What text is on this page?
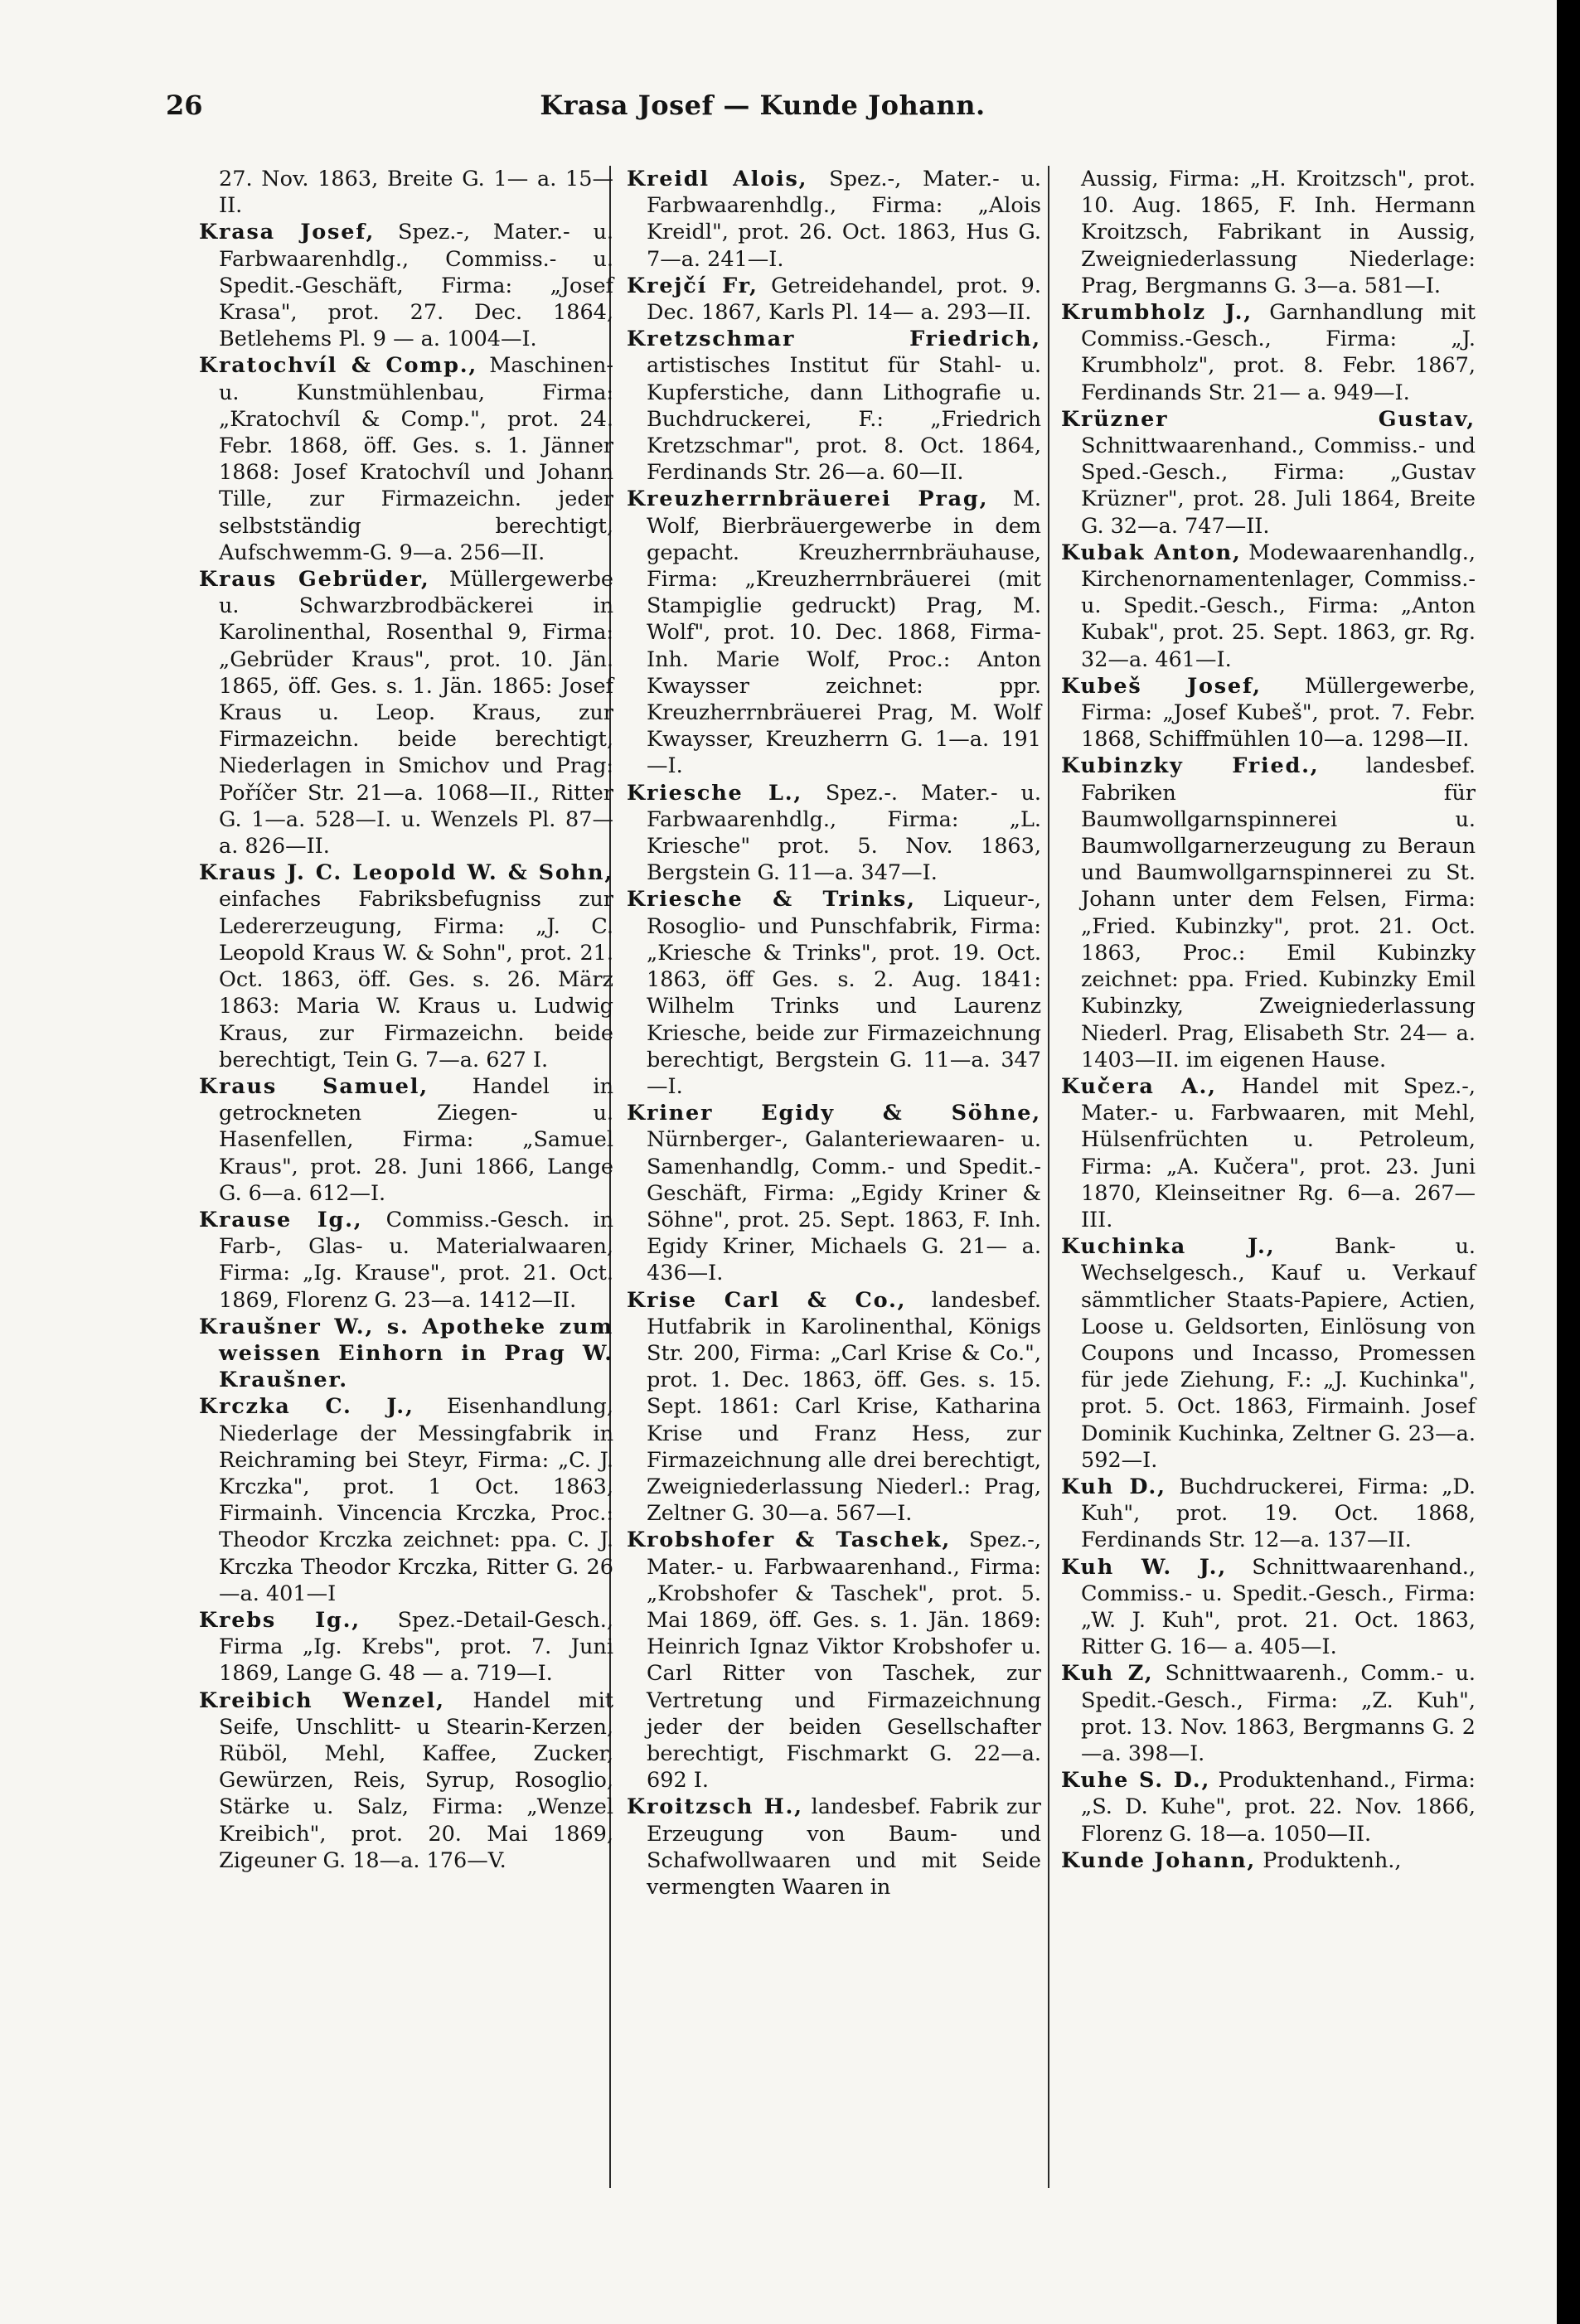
26	Krasa Josef — Kunde Johann.

27. Nov. 1863, Breite G. 1— a. 15—II.

Krasa Josef, Spez.-, Mater.- u. Farbwaarenhdlg., Commiss.- u. Spedit.-Geschäft, Firma: „Josef Krasa", prot. 27. Dec. 1864, Betlehems Pl. 9 — a. 1004—I.

Kratochvíl & Comp., Maschinen- u. Kunstmühlenbau, Firma: „Kratochvíl & Comp.", prot. 24. Febr. 1868, öff. Ges. s. 1. Jänner 1868: Josef Kratochvíl und Johann Tille, zur Firmazeichn. jeder selbstständig berechtigt, Aufschwemm-G. 9—a. 256—II.

Kraus Gebrüder, Müllergewerbe u. Schwarzbrodbäckerei in Karolinenthal, Rosenthal 9, Firma: „Gebrüder Kraus", prot. 10. Jän. 1865, öff. Ges. s. 1. Jän. 1865: Josef Kraus u. Leop. Kraus, zur Firmazeichn. beide berechtigt, Niederlagen in Smichov und Prag: Poříčer Str. 21—a. 1068—II., Ritter G. 1—a. 528—I. u. Wenzels Pl. 87—a. 826—II.

Kraus J. C. Leopold W. & Sohn, einfaches Fabriksbefugniss zur Ledererzeugung, Firma: „J. C. Leopold Kraus W. & Sohn", prot. 21. Oct. 1863, öff. Ges. s. 26. März 1863: Maria W. Kraus u. Ludwig Kraus, zur Firmazeichn. beide berechtigt, Tein G. 7—a. 627 I.

Kraus Samuel, Handel in getrockneten Ziegen- u. Hasenfellen, Firma: „Samuel Kraus", prot. 28. Juni 1866, Lange G. 6—a. 612—I.

Krause Ig., Commiss.-Gesch. in Farb-, Glas- u. Materialwaaren, Firma: „Ig. Krause", prot. 21. Oct. 1869, Florenz G. 23—a. 1412—II.

Kraušner W., s. Apotheke zum weissen Einhorn in Prag W. Kraušner.

Krczka C. J., Eisenhandlung, Niederlage der Messingfabrik in Reichraming bei Steyr, Firma: „C. J. Krczka", prot. 1 Oct. 1863, Firmainh. Vincencia Krczka, Proc.: Theodor Krczka zeichnet: ppa. C. J. Krczka Theodor Krczka, Ritter G. 26—a. 401—I

Krebs Ig., Spez.-Detail-Gesch., Firma „Ig. Krebs", prot. 7. Juni 1869, Lange G. 48 — a. 719—I.

Kreibich Wenzel, Handel mit Seife, Unschlitt- u Stearin-Kerzen, Rüböl, Mehl, Kaffee, Zucker, Gewürzen, Reis, Syrup, Rosoglio, Stärke u. Salz, Firma: „Wenzel Kreibich", prot. 20. Mai 1869, Zigeuner G. 18—a. 176—V.

Kreidl Alois, Spez.-, Mater.- u. Farbwaarenhdlg., Firma: „Alois Kreidl", prot. 26. Oct. 1863, Hus G. 7—a. 241—I.

Krejčí Fr, Getreidehandel, prot. 9. Dec. 1867, Karls Pl. 14— a. 293—II.

Kretzschmar Friedrich, artistisches Institut für Stahl- u. Kupferstiche, dann Lithografie u. Buchdruckerei, F.: „Friedrich Kretzschmar", prot. 8. Oct. 1864, Ferdinands Str. 26—a. 60—II.

Kreuzherrnbräuerei Prag, M. Wolf, Bierbräuergewerbe in dem gepacht. Kreuzherrnbräuhause, Firma: „Kreuzherrnbräuerei (mit Stampiglie gedruckt) Prag, M. Wolf", prot. 10. Dec. 1868, Firma-Inh. Marie Wolf, Proc.: Anton Kwaysser zeichnet: ppr. Kreuzherrnbräuerei Prag, M. Wolf Kwaysser, Kreuzherrn G. 1—a. 191—I.

Kriesche L., Spez.-. Mater.- u. Farbwaarenhdlg., Firma: „L. Kriesche" prot. 5. Nov. 1863, Bergstein G. 11—a. 347—I.

Kriesche & Trinks, Liqueur-, Rosoglio- und Punschfabrik, Firma: „Kriesche & Trinks", prot. 19. Oct. 1863, öff Ges. s. 2. Aug. 1841: Wilhelm Trinks und Laurenz Kriesche, beide zur Firmazeichnung berechtigt, Bergstein G. 11—a. 347—I.

Kriner Egidy & Söhne, Nürnberger-, Galanteriewaaren- u. Samenhandlg, Comm.- und Spedit.-Geschäft, Firma: „Egidy Kriner & Söhne", prot. 25. Sept. 1863, F. Inh. Egidy Kriner, Michaels G. 21— a. 436—I.

Krise Carl & Co., landesbef. Hutfabrik in Karolinenthal, Königs Str. 200, Firma: „Carl Krise & Co.", prot. 1. Dec. 1863, öff. Ges. s. 15. Sept. 1861: Carl Krise, Katharina Krise und Franz Hess, zur Firmazeichnung alle drei berechtigt, Zweigniederlassung Niederl.: Prag, Zeltner G. 30—a. 567—I.

Krobshofer & Taschek, Spez.-, Mater.- u. Farbwaarenhand., Firma: „Krobshofer & Taschek", prot. 5. Mai 1869, öff. Ges. s. 1. Jän. 1869: Heinrich Ignaz Viktor Krobshofer u. Carl Ritter von Taschek, zur Vertretung und Firmazeichnung jeder der beiden Gesellschafter berechtigt, Fischmarkt G. 22—a. 692 I.

Kroitzsch H., landesbef. Fabrik zur Erzeugung von Baum- und Schafwollwaaren und mit Seide vermengten Waaren in

Aussig, Firma: „H. Kroitzsch", prot. 10. Aug. 1865, F. Inh. Hermann Kroitzsch, Fabrikant in Aussig, Zweigniederlassung Niederlage: Prag, Bergmanns G. 3—a. 581—I.

Krumbholz J., Garnhandlung mit Commiss.-Gesch., Firma: „J. Krumbholz", prot. 8. Febr. 1867, Ferdinands Str. 21— a. 949—I.

Krüzner Gustav, Schnittwaarenhand., Commiss.- und Sped.-Gesch., Firma: „Gustav Krüzner", prot. 28. Juli 1864, Breite G. 32—a. 747—II.

Kubak Anton, Modewaarenhandlg., Kirchenornamentenlager, Commiss.- u. Spedit.-Gesch., Firma: „Anton Kubak", prot. 25. Sept. 1863, gr. Rg. 32—a. 461—I.

Kubeš Josef, Müllergewerbe, Firma: „Josef Kubeš", prot. 7. Febr. 1868, Schiffmühlen 10—a. 1298—II.

Kubinzky Fried., landesbef. Fabriken für Baumwollgarnspinnerei u. Baumwollgarnerzeugung zu Beraun und Baumwollgarnspinnerei zu St. Johann unter dem Felsen, Firma: „Fried. Kubinzky", prot. 21. Oct. 1863, Proc.: Emil Kubinzky zeichnet: ppa. Fried. Kubinzky Emil Kubinzky, Zweigniederlassung Niederl. Prag, Elisabeth Str. 24— a. 1403—II. im eigenen Hause.

Kučera A., Handel mit Spez.-, Mater.- u. Farbwaaren, mit Mehl, Hülsenfrüchten u. Petroleum, Firma: „A. Kučera", prot. 23. Juni 1870, Kleinseitner Rg. 6—a. 267—III.

Kuchinka J.,	Bank- u. Wechselgesch., Kauf u. Verkauf sämmtlicher Staats-Papiere, Actien, Loose u. Geldsorten, Einlösung von Coupons und Incasso, Promessen für jede Ziehung, F.: „J. Kuchinka", prot. 5. Oct. 1863, Firmainh. Josef Dominik Kuchinka, Zeltner G. 23—a. 592—I.

Kuh D., Buchdruckerei, Firma: „D. Kuh", prot. 19. Oct. 1868, Ferdinands Str. 12—a. 137—II.

Kuh W. J., Schnittwaarenhand., Commiss.- u. Spedit.-Gesch., Firma: „W. J. Kuh", prot. 21. Oct. 1863, Ritter G. 16— a. 405—I.

Kuh Z, Schnittwaarenh., Comm.- u. Spedit.-Gesch., Firma: „Z. Kuh", prot. 13. Nov. 1863, Bergmanns G. 2—a. 398—I.

Kuhe S. D., Produktenhand., Firma: „S. D. Kuhe", prot. 22. Nov. 1866, Florenz G. 18—a. 1050—II.

Kunde Johann, Produktenh.,
